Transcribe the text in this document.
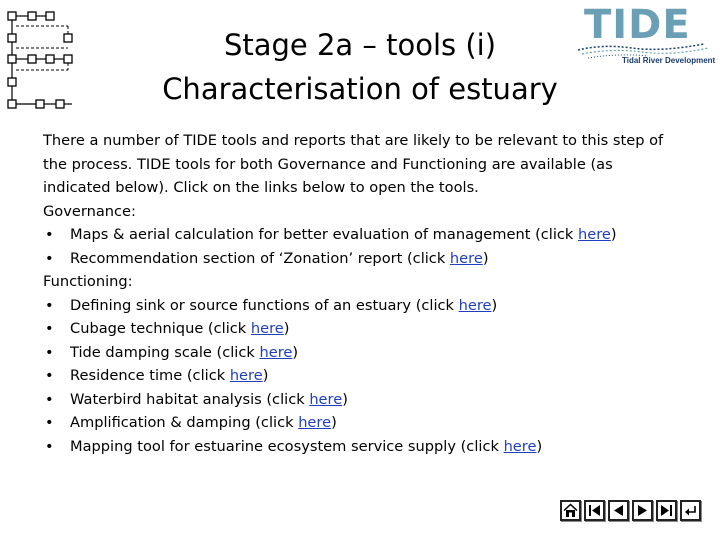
TIDE
Tidal River Development
Stage 2a – tools (i)
Characterisation of estuary
There a number of TIDE tools and reports that are likely to be relevant to this step of
the process. TIDE tools for both Governance and Functioning are available (as
indicated below). Click on the links below to open the tools.
Governance:
• Maps & aerial calculation for better evaluation of management (click here)
• Recommendation section of ‘Zonation’ report (click here)
Functioning:
• Defining sink or source functions of an estuary (click here)
• Cubage technique (click here)
• Tide damping scale (click here)
• Residence time (click here)
• Waterbird habitat analysis (click here)
• Amplification & damping (click here)
• Mapping tool for estuarine ecosystem service supply (click here)
